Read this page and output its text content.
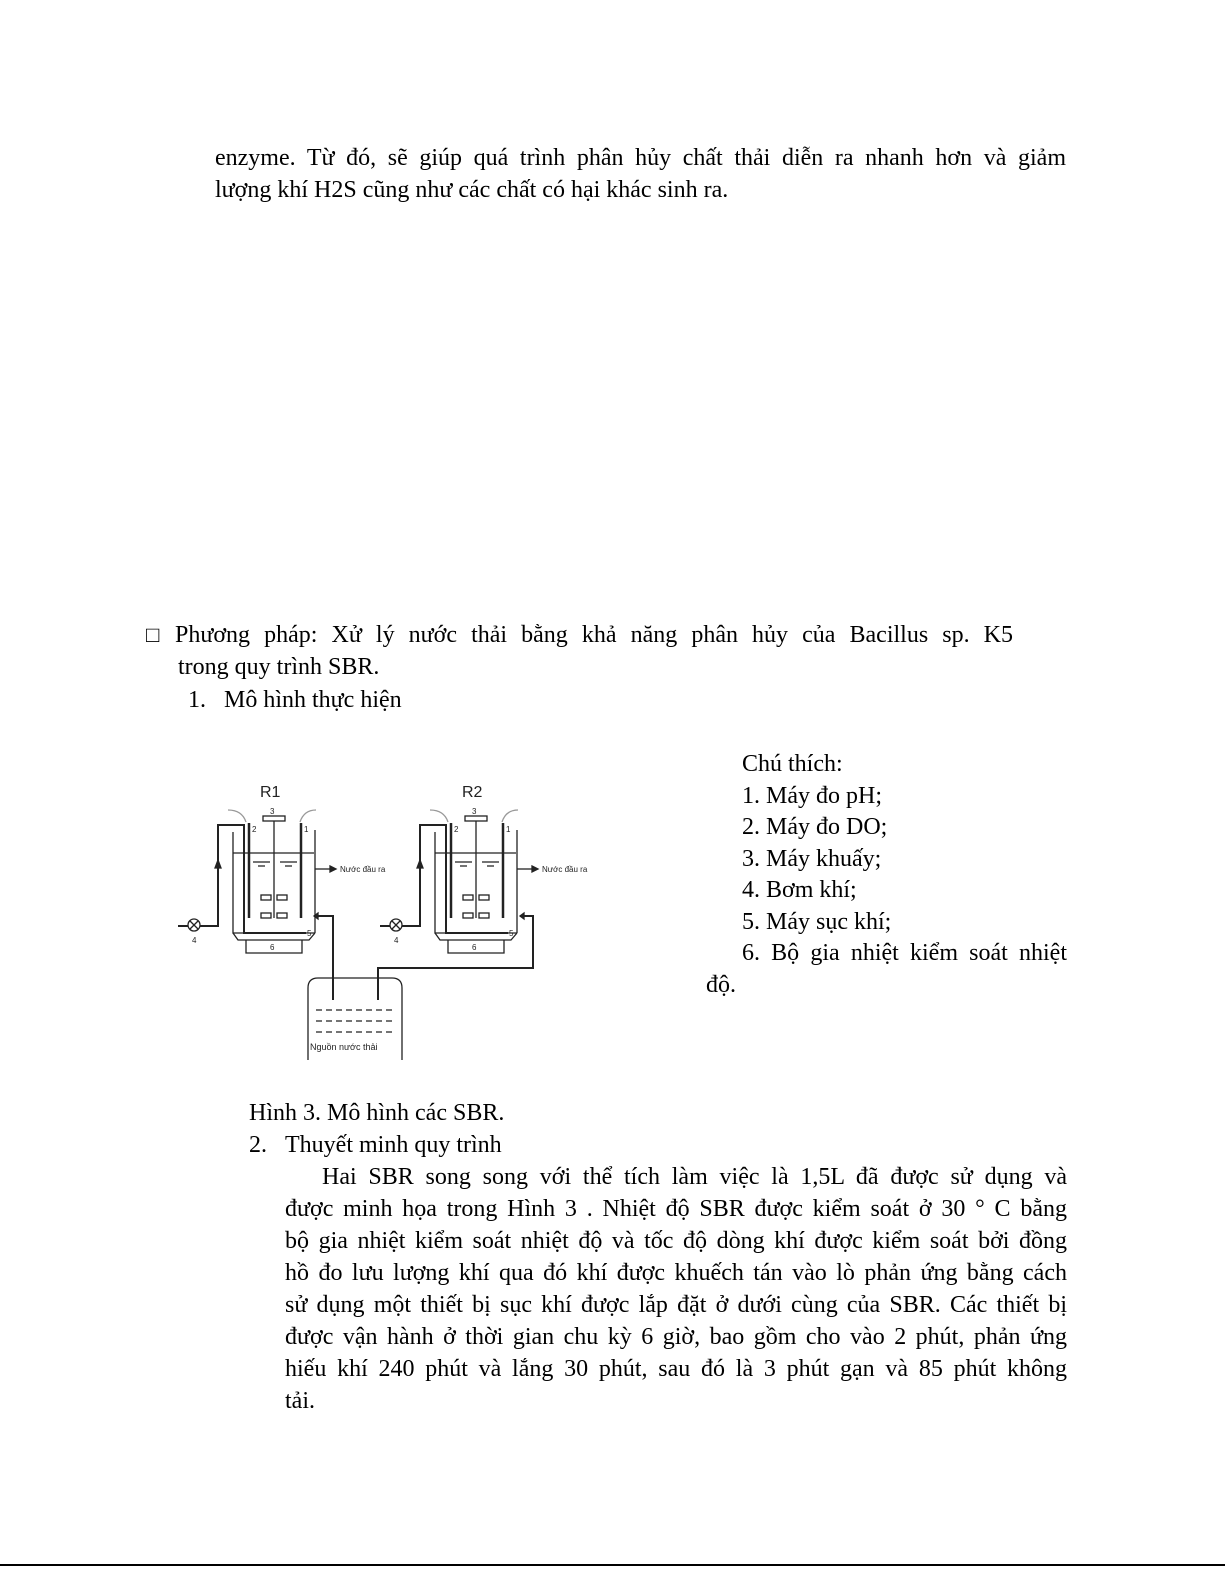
enzyme. Từ đó, sẽ giúp quá trình phân hủy chất thải diễn ra nhanh hơn và giảm
lượng khí H2S cũng như các chất có hại khác sinh ra.
□ Phương pháp: Xử lý nước thải bằng khả năng phân hủy của Bacillus sp. K5
trong quy trình SBR.
1. Mô hình thực hiện
R1
3
6
2	1
4
5
Nước đầu ra
R2
3
6
2	1
4
5
Nước đầu ra
Nguồn nước thải
Chú thích:
1. Máy đo pH;
2. Máy đo DO;
3. Máy khuấy;
4. Bơm khí;
5. Máy sục khí;
6. Bộ gia nhiệt kiểm soát nhiệt
độ.
Hình 3. Mô hình các SBR.
2. Thuyết minh quy trình
Hai SBR song song với thể tích làm việc là 1,5L đã được sử dụng và
được minh họa trong Hình 3 . Nhiệt độ SBR được kiểm soát ở 30 ° C bằng
bộ gia nhiệt kiểm soát nhiệt độ và tốc độ dòng khí được kiểm soát bởi đồng
hồ đo lưu lượng khí qua đó khí được khuếch tán vào lò phản ứng bằng cách
sử dụng một thiết bị sục khí được lắp đặt ở dưới cùng của SBR. Các thiết bị
được vận hành ở thời gian chu kỳ 6 giờ, bao gồm cho vào 2 phút, phản ứng
hiếu khí 240 phút và lắng 30 phút, sau đó là 3 phút gạn và 85 phút không
tải.
